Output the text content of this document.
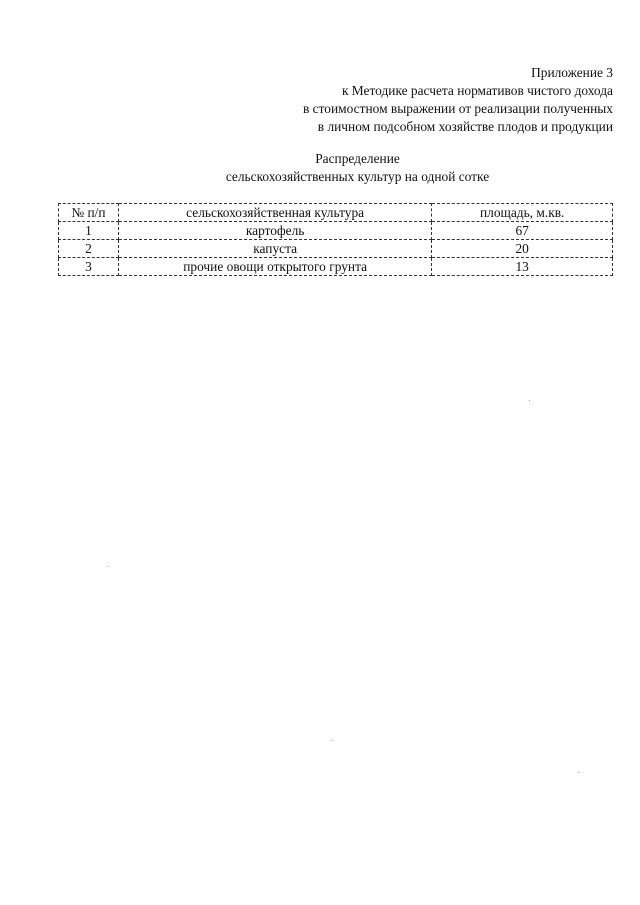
Приложение 3
к Методике расчета нормативов чистого дохода
в стоимостном выражении от реализации полученных
в личном подсобном хозяйстве плодов и продукции
Распределение
сельскохозяйственных культур на одной сотке
№ п/п	сельскохозяйственная культура	площадь, м.кв.
1	картофель	67
2	капуста	20
3	прочие овощи открытого грунта	13
